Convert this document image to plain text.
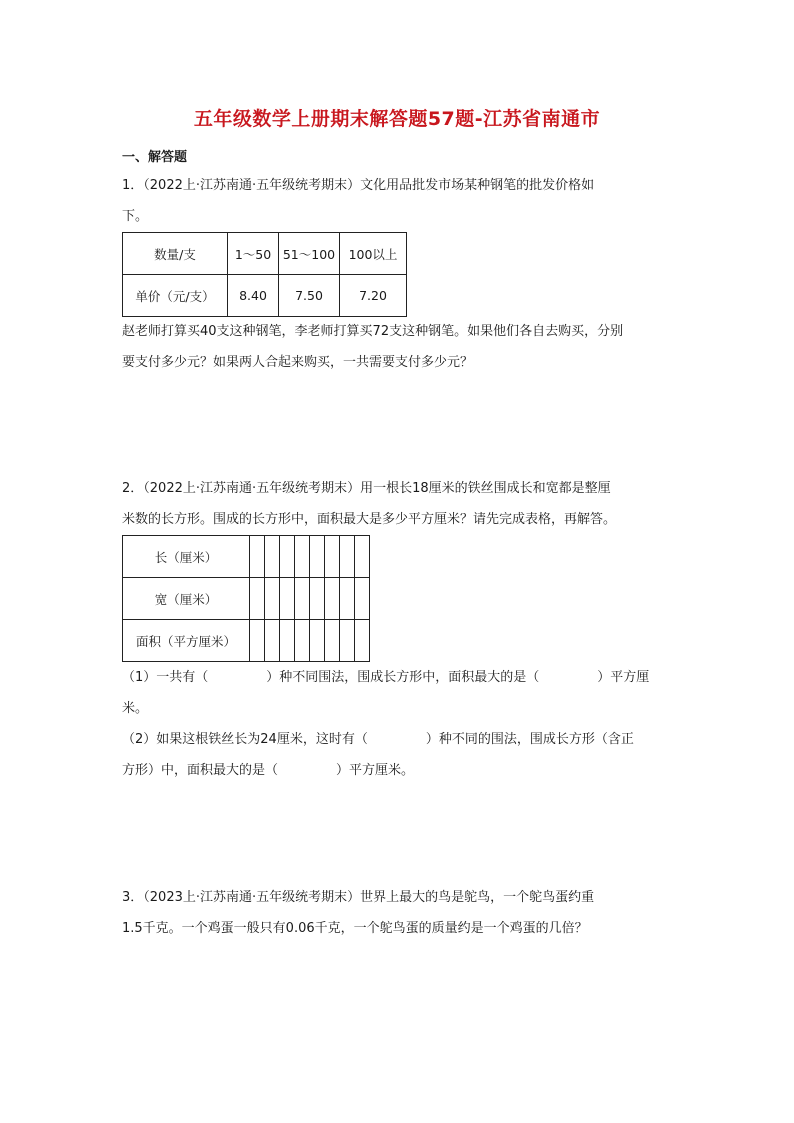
五年级数学上册期末解答题57题-江苏省南通市
一、解答题
1．（2022上·江苏南通·五年级统考期末）文化用品批发市场某种钢笔的批发价格如
下。
数量/支	1～50	51～100	100以上
单价（元/支）	8.40	7.50	7.20
赵老师打算买40支这种钢笔，李老师打算买72支这种钢笔。如果他们各自去购买，分别
要支付多少元？如果两人合起来购买，一共需要支付多少元？
2．（2022上·江苏南通·五年级统考期末）用一根长18厘米的铁丝围成长和宽都是整厘
米数的长方形。围成的长方形中，面积最大是多少平方厘米？请先完成表格，再解答。
长（厘米）								
宽（厘米）								
面积（平方厘米）								
（1）一共有（	）种不同围法，围成长方形中，面积最大的是（	）平方厘
米。
（2）如果这根铁丝长为24厘米，这时有（	）种不同的围法，围成长方形（含正
方形）中，面积最大的是（	）平方厘米。
3．（2023上·江苏南通·五年级统考期末）世界上最大的鸟是鸵鸟，一个鸵鸟蛋约重
1.5千克。一个鸡蛋一般只有0.06千克，一个鸵鸟蛋的质量约是一个鸡蛋的几倍？
